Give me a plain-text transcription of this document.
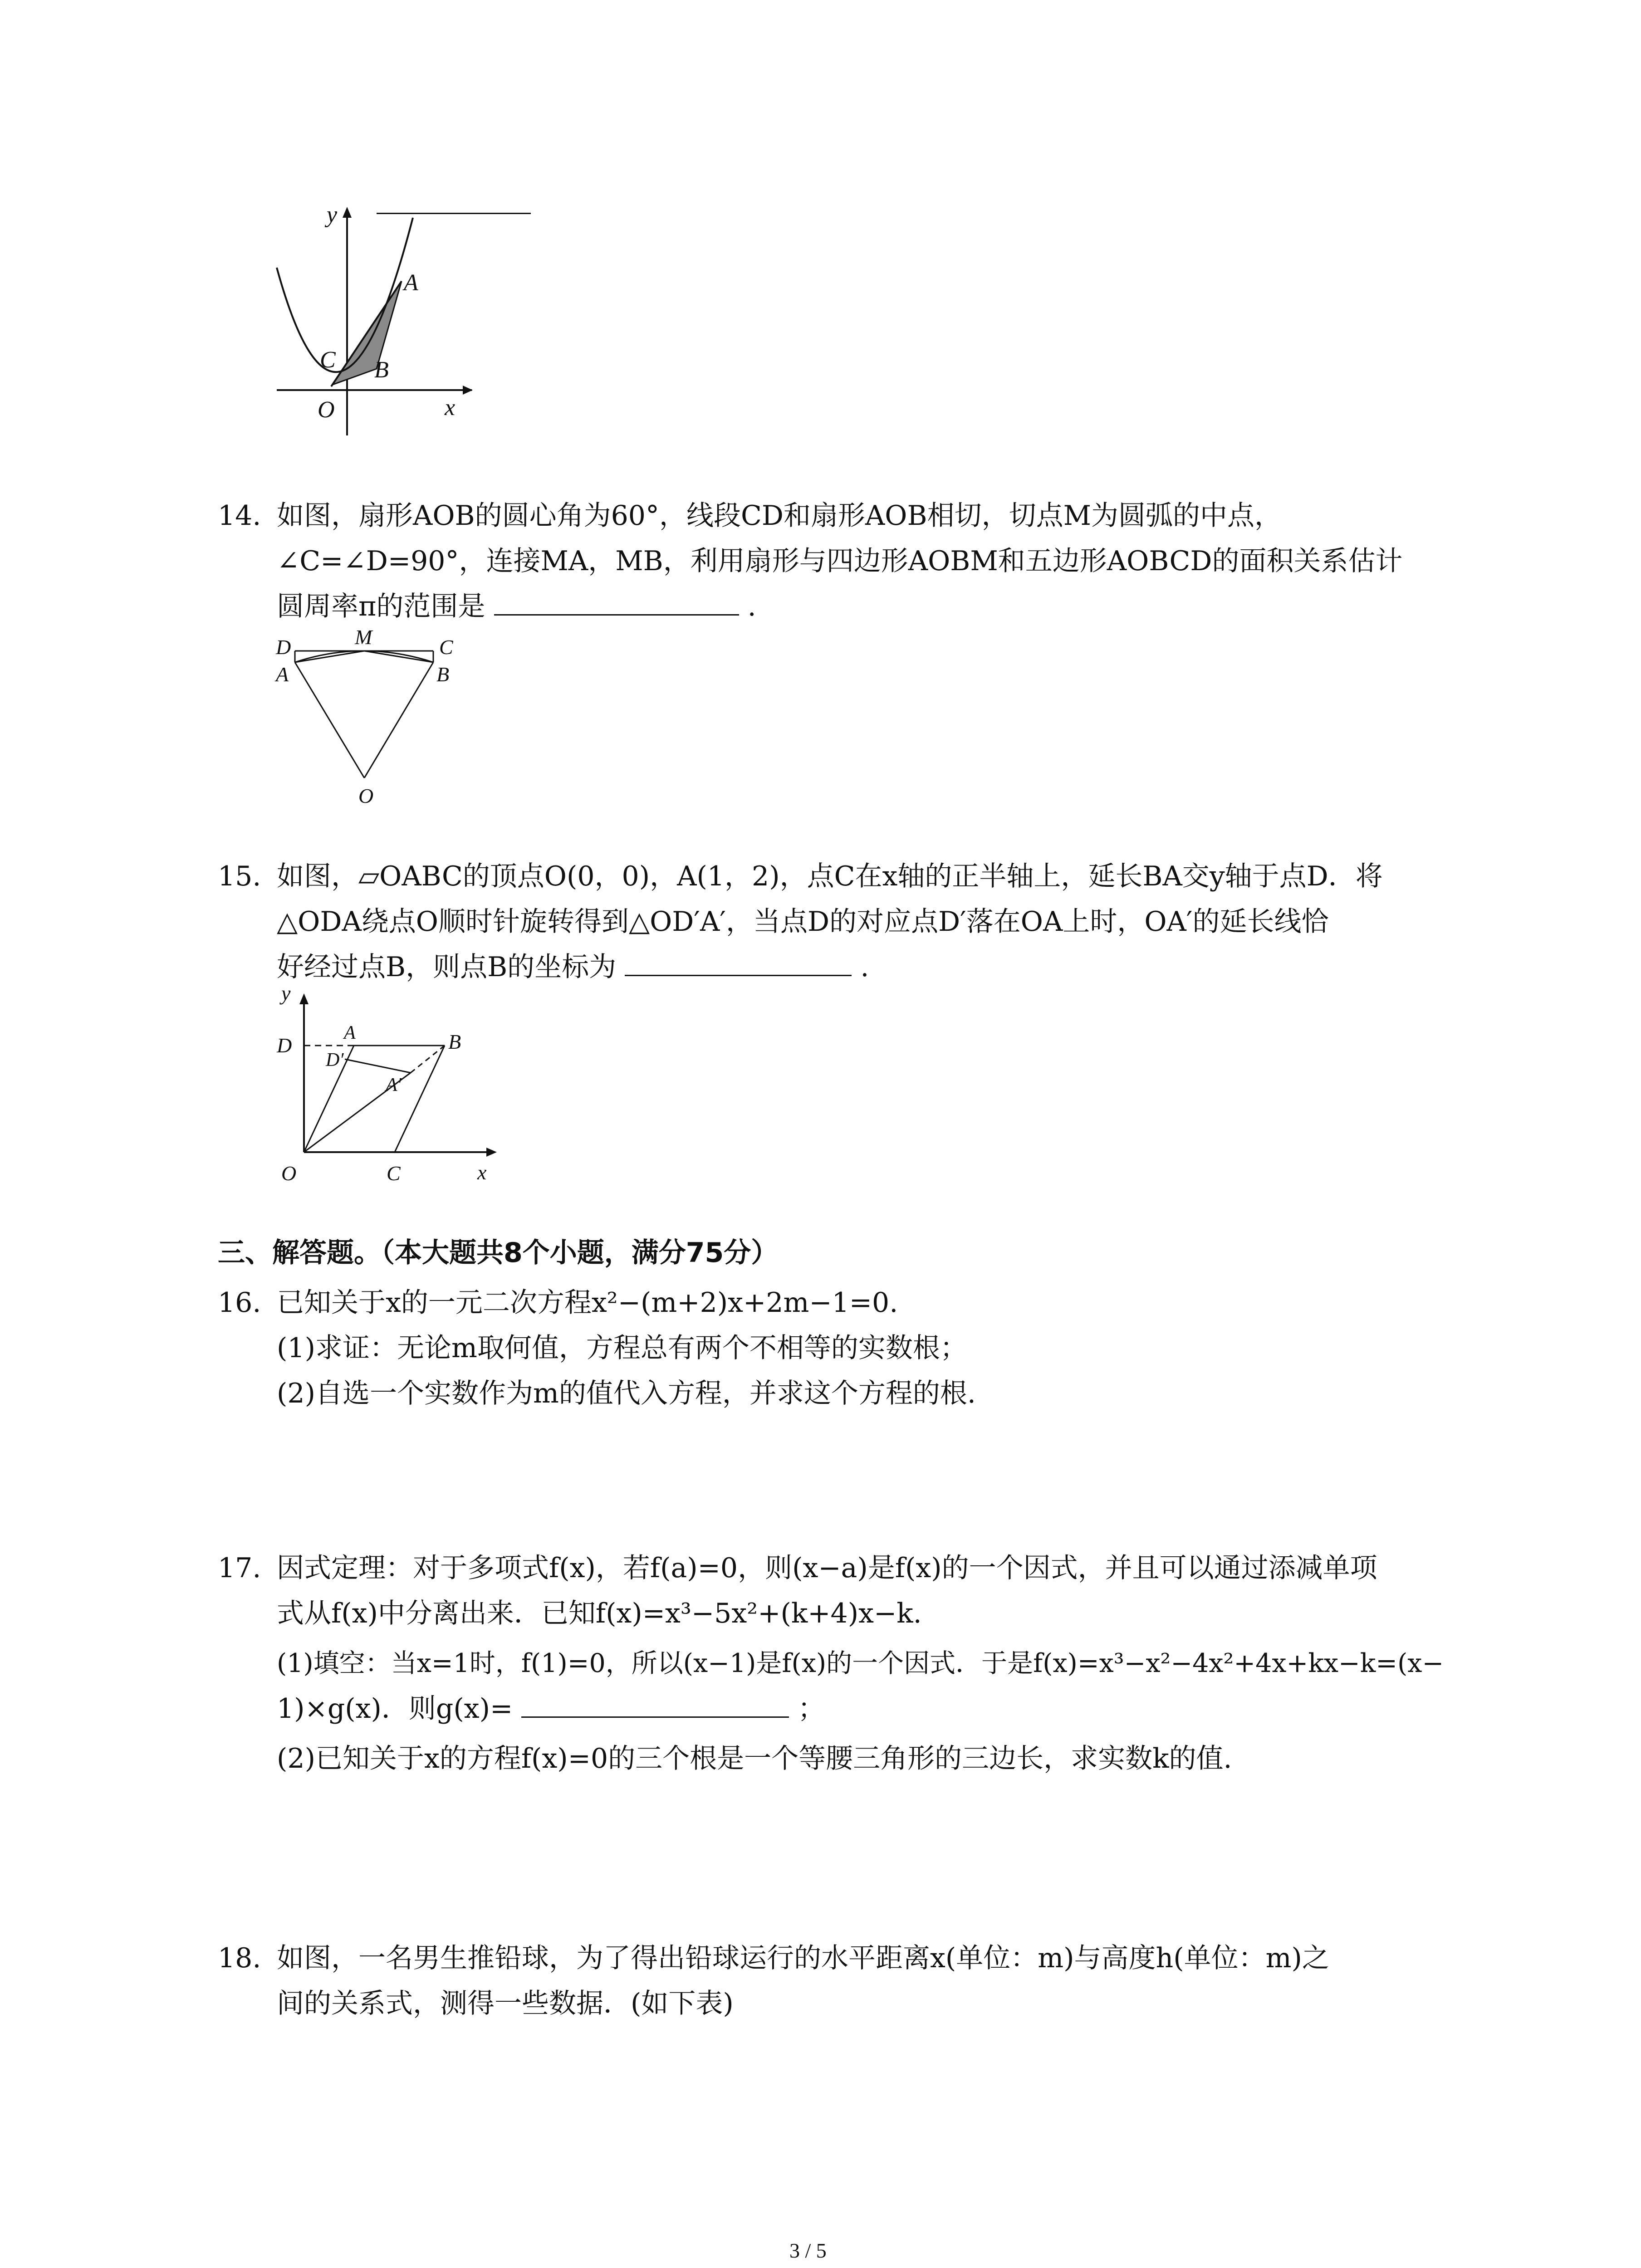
y
x
O
A
B
C
14. 如图，扇形AOB的圆心角为60°，线段CD和扇形AOB相切，切点M为圆弧的中点，
∠C=∠D=90°，连接MA，MB，利用扇形与四边形AOBM和五边形AOBCD的面积关系估计
圆周率π的范围是	.
D	M	C
A	B
O
15. 如图，▱OABC的顶点O(0，0)，A(1，2)，点C在x轴的正半轴上，延长BA交y轴于点D．将
△ODA绕点O顺时针旋转得到△OD′A′，当点D的对应点D′落在OA上时，OA′的延长线恰
好经过点B，则点B的坐标为	.
y
x
O	C
D
A
D′
B
A′
三、解答题。（本大题共8个小题，满分75分）
16. 已知关于x的一元二次方程x²−(m+2)x+2m−1=0.
(1)求证：无论m取何值，方程总有两个不相等的实数根；
(2)自选一个实数作为m的值代入方程，并求这个方程的根.
17. 因式定理：对于多项式f(x)，若f(a)=0，则(x−a)是f(x)的一个因式，并且可以通过添减单项
式从f(x)中分离出来．已知f(x)=x³−5x²+(k+4)x−k.
(1)填空：当x=1时，f(1)=0，所以(x−1)是f(x)的一个因式．于是f(x)=x³−x²−4x²+4x+kx−k=(x−
1)×g(x)．则g(x)=	；
(2)已知关于x的方程f(x)=0的三个根是一个等腰三角形的三边长，求实数k的值.
18. 如图，一名男生推铅球，为了得出铅球运行的水平距离x(单位：m)与高度h(单位：m)之
间的关系式，测得一些数据．(如下表)
3 / 5
